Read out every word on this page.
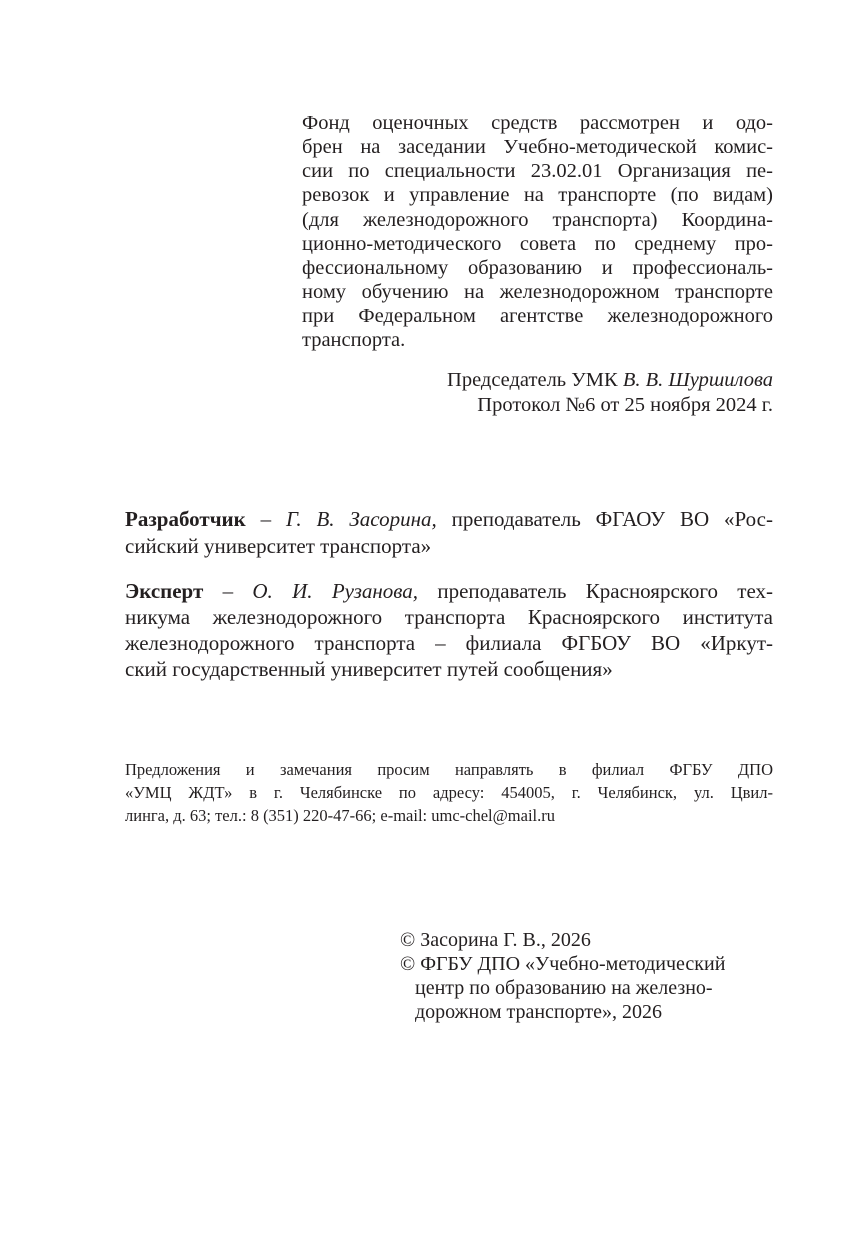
Фонд оценочных средств рассмотрен и одо-
брен на заседании Учебно-методической комис-
сии по специальности 23.02.01 Организация пе-
ревозок и управление на транспорте (по видам)
(для железнодорожного транспорта) Координа-
ционно-методического совета по среднему про-
фессиональному образованию и профессиональ-
ному обучению на железнодорожном транспорте
при Федеральном агентстве железнодорожного
транспорта.
Председатель УМК В. В. Шуршилова
Протокол №6 от 25 ноября 2024 г.
Разработчик – Г. В. Засорина, преподаватель ФГАОУ ВО «Рос-
сийский университет транспорта»
Эксперт – О. И. Рузанова, преподаватель Красноярского тех-
никума железнодорожного транспорта Красноярского института
железнодорожного транспорта – филиала ФГБОУ ВО «Иркут-
ский государственный университет путей сообщения»
Предложения и замечания просим направлять в филиал ФГБУ ДПО
«УМЦ ЖДТ» в г. Челябинске по адресу: 454005, г. Челябинск, ул. Цвил-
линга, д. 63; тел.: 8 (351) 220-47-66; e-mail: umc-chel@mail.ru
© Засорина Г. В., 2026
© ФГБУ ДПО «Учебно-методический
центр по образованию на железно-
дорожном транспорте», 2026
